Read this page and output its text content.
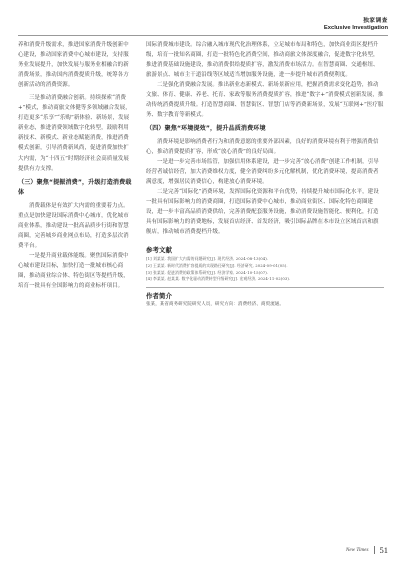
独家调查
Exclusive Investigation

养和消费升级需求，推进国家消费升级创新中心建设，推动国家消费中心城市建设，支持服务业发展提升，加快发展与服务业相融合的新消费场景，推动国内消费提质升级，统筹各方创新活动的消费资源。

三是推动消费融合创新。持续探索“消费+”模式，推动商旅文体健等多领域融合发展，打造更多“乐享”“乐购”新体验、新场景，发展新业态，推进消费领域数字化转型，鼓励利用新技术、新模式、新业态赋能消费，推进消费模式创新，引导消费新风尚，促进消费加快扩大内需，为“十四五”时期经济社会高质量发展提供有力支撑。

（三）聚焦“提振消费”，升级打造消费载体

消费载体是有效扩大内需的重要着力点。重点是加快建设国际消费中心城市，优化城市商业体系，推动建设一批高品质步行街和智慧商圈，完善城乡商业网点布局，打造多层次消费平台。

一是提升商业载体能级。聚焦国际消费中心城市建设目标，加快打造一批城市核心商圈，推动商业综合体、特色街区等提档升级，培育一批具有全国影响力的商业标杆项目。

国际消费城市建设。综合融入城市现代化治理体系，立足城市布局和特色，加快商业街区提档升级，培育一批知名商圈，打造一批特色化消费空间，推动商旅文体深度融合，促进数字化转型，推进消费基础设施建设，推动消费供给提质扩容，激发消费市场活力。在智慧商圈、交通枢纽、旅游景点、城市主干道沿线等区域适当增加服务设施，进一步提升城市消费便利度。

二是强化消费融合发展。推出新业态新模式、新场景新应用，把握消费需求变化趋势，推动文旅、体育、健康、养老、托育、家政等服务消费提质扩容，推进“数字+”消费模式创新发展，推动传统消费提质升级。打造智慧商圈、智慧街区、智慧门店等消费新场景，发展“互联网+”医疗服务、数字教育等新模式。

（四）聚焦“环境提效”，提升品质消费环境

消费环境是影响消费者行为和消费意愿的重要外部因素，良好的消费环境有利于增强消费信心，推动消费提质扩容，形成“放心消费”的良好局面。

一是进一步完善市场监管，加强信用体系建设，进一步完善“放心消费”创建工作机制，引导经营者诚信经营，加大消费维权力度，健全消费纠纷多元化解机制，优化消费环境，提高消费者满意度，增强居民消费信心，构建放心消费环境。

二是完善“国际化”消费环境，发挥国际化资源和平台优势，持续提升城市国际化水平，建设一批具有国际影响力的消费商圈，打造国际消费中心城市，推动商业街区、国际化特色商圈建设，进一步丰富高品质消费供给，完善消费配套服务设施，推动消费设施智能化、便利化，打造具有国际影响力的消费地标，发展首店经济、首发经济，吸引国际品牌在本市设立区域首店和旗舰店，推动城市消费提档升级。

参考文献

[1] 刘某某. 我国扩大内需的问题研究[J]. 现代经济, 2024-08-13(04).

[2] 王某某. 新时代消费扩容提质的实现路径研究[J]. 经济研究, 2024-09-01(05).

[3] 张某某. 促进消费的政策体系研究[J]. 经济学家, 2024-10-15(07).

[4] 李某某, 赵某某. 数字化驱动消费转型升级研究[J]. 宏观经济, 2024-11-02(03).

作者简介

张某，某省商务研究院研究人员，研究方向：消费经济、商贸流通。

New Times 51
